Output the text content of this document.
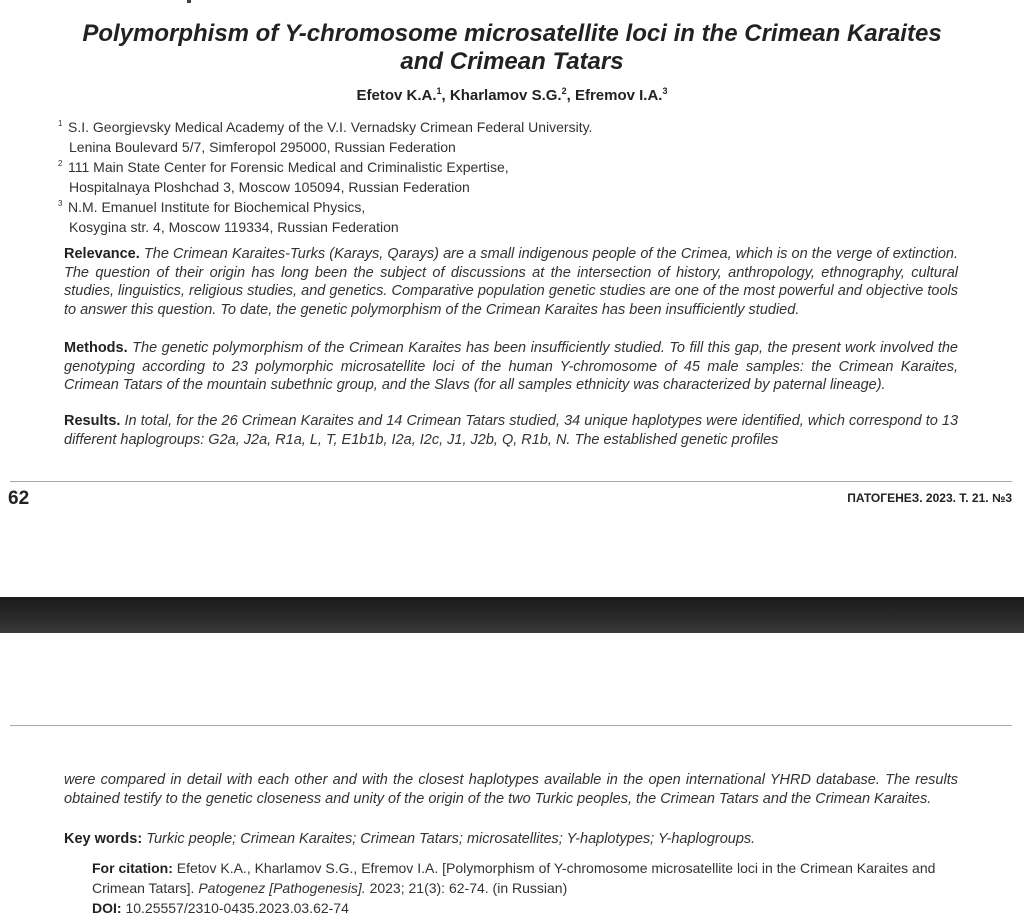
Polymorphism of Y-chromosome microsatellite loci in the Crimean Karaites
and Crimean Tatars
Efetov K.A.$^1$, Kharlamov S.G.$^2$, Efremov I.A.$^3$
1 S.I. Georgievsky Medical Academy of the V.I. Vernadsky Crimean Federal University.
Lenina Boulevard 5/7, Simferopol 295000, Russian Federation
2 111 Main State Center for Forensic Medical and Criminalistic Expertise,
Hospitalnaya Ploshchad 3, Moscow 105094, Russian Federation
3 N.M. Emanuel Institute for Biochemical Physics,
Kosygina str. 4, Moscow 119334, Russian Federation
Relevance. The Crimean Karaites-Turks (Karays, Qarays) are a small indigenous people of the Crimea, which is on the verge of extinction. The question of their origin has long been the subject of discussions at the intersection of history, anthropology, ethnography, cultural studies, linguistics, religious studies, and genetics. Comparative population genetic studies are one of the most powerful and objective tools to answer this question. To date, the genetic polymorphism of the Crimean Karaites has been insufficiently studied.
Methods. The genetic polymorphism of the Crimean Karaites has been insufficiently studied. To fill this gap, the present work involved the genotyping according to 23 polymorphic microsatellite loci of the human Y-chromosome of 45 male samples: the Crimean Karaites, Crimean Tatars of the mountain subethnic group, and the Slavs (for all samples ethnicity was characterized by paternal lineage).
Results. In total, for the 26 Crimean Karaites and 14 Crimean Tatars studied, 34 unique haplotypes were identified, which correspond to 13 different haplogroups: G2a, J2a, R1a, L, T, E1b1b, I2a, I2c, J1, J2b, Q, R1b, N. The established genetic profiles
62	ПАТОГЕНЕЗ. 2023. Т. 21. №3
were compared in detail with each other and with the closest haplotypes available in the open international YHRD database. The results obtained testify to the genetic closeness and unity of the origin of the two Turkic peoples, the Crimean Tatars and the Crimean Karaites.
Key words: Turkic people; Crimean Karaites; Crimean Tatars; microsatellites; Y-haplotypes; Y-haplogroups.
For citation: Efetov K.A., Kharlamov S.G., Efremov I.A. [Polymorphism of Y-chromosome microsatellite loci in the Crimean Karaites and Crimean Tatars]. Patogenez [Pathogenesis]. 2023; 21(3): 62-74. (in Russian)
DOI: 10.25557/2310-0435.2023.03.62-74
